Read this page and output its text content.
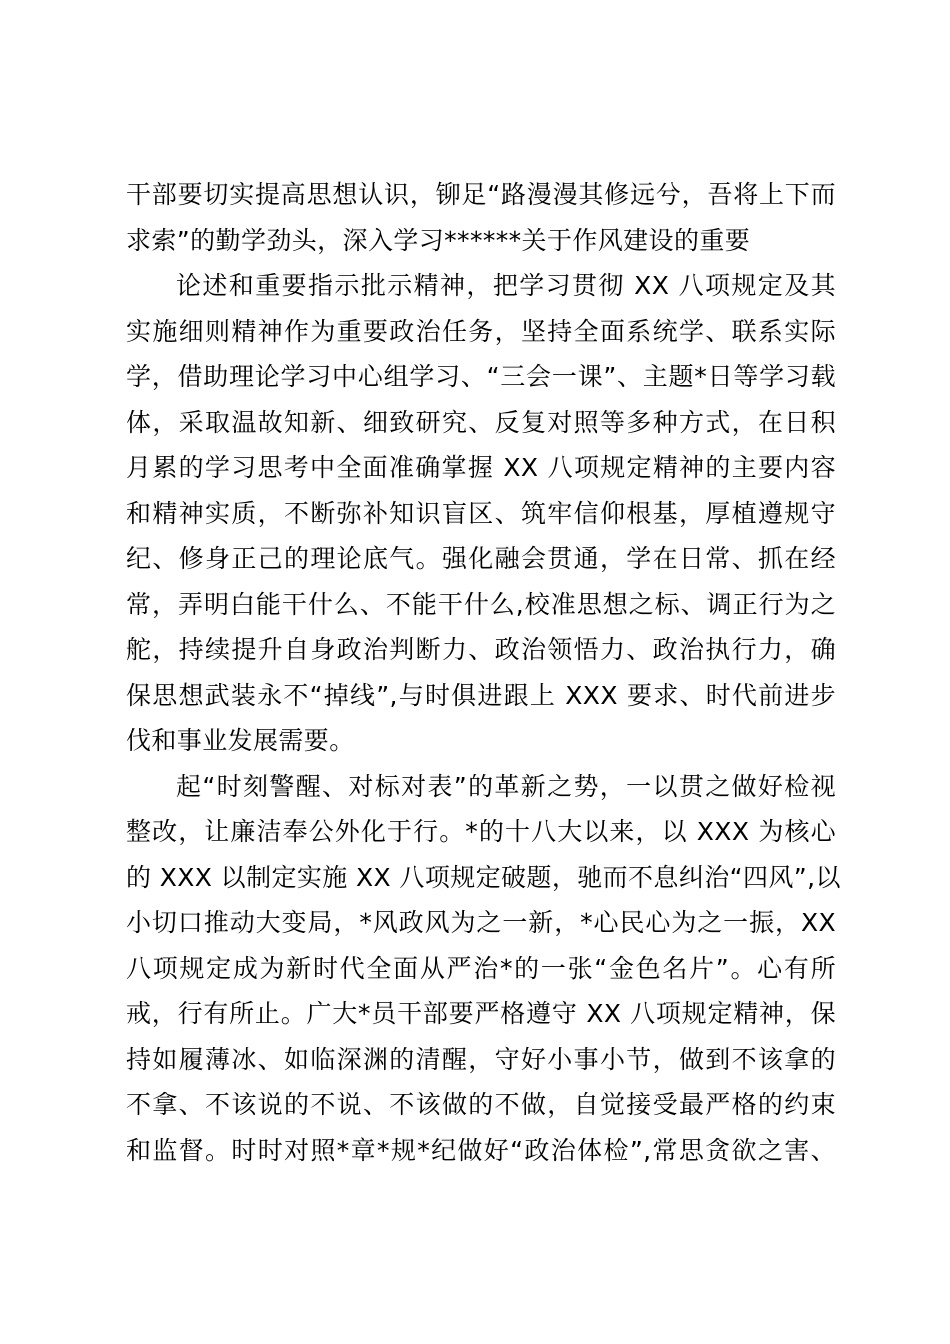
干部要切实提高思想认识，铆足“路漫漫其修远兮，吾将上下而
求索”的勤学劲头，深入学习******关于作风建设的重要
论述和重要指示批示精神，把学习贯彻 XX 八项规定及其
实施细则精神作为重要政治任务，坚持全面系统学、联系实际
学，借助理论学习中心组学习、“三会一课”、主题*日等学习载
体，采取温故知新、细致研究、反复对照等多种方式，在日积
月累的学习思考中全面准确掌握 XX 八项规定精神的主要内容
和精神实质，不断弥补知识盲区、筑牢信仰根基，厚植遵规守
纪、修身正己的理论底气。强化融会贯通，学在日常、抓在经
常，弄明白能干什么、不能干什么,校准思想之标、调正行为之
舵，持续提升自身政治判断力、政治领悟力、政治执行力，确
保思想武装永不“掉线”,与时俱进跟上 XXX 要求、时代前进步
伐和事业发展需要。
起“时刻警醒、对标对表”的革新之势，一以贯之做好检视
整改，让廉洁奉公外化于行。*的十八大以来，以 XXX 为核心
的 XXX 以制定实施 XX 八项规定破题，驰而不息纠治“四风”,以
小切口推动大变局，*风政风为之一新，*心民心为之一振，XX
八项规定成为新时代全面从严治*的一张“金色名片”。心有所
戒，行有所止。广大*员干部要严格遵守 XX 八项规定精神，保
持如履薄冰、如临深渊的清醒，守好小事小节，做到不该拿的
不拿、不该说的不说、不该做的不做，自觉接受最严格的约束
和监督。时时对照*章*规*纪做好“政治体检”,常思贪欲之害、
